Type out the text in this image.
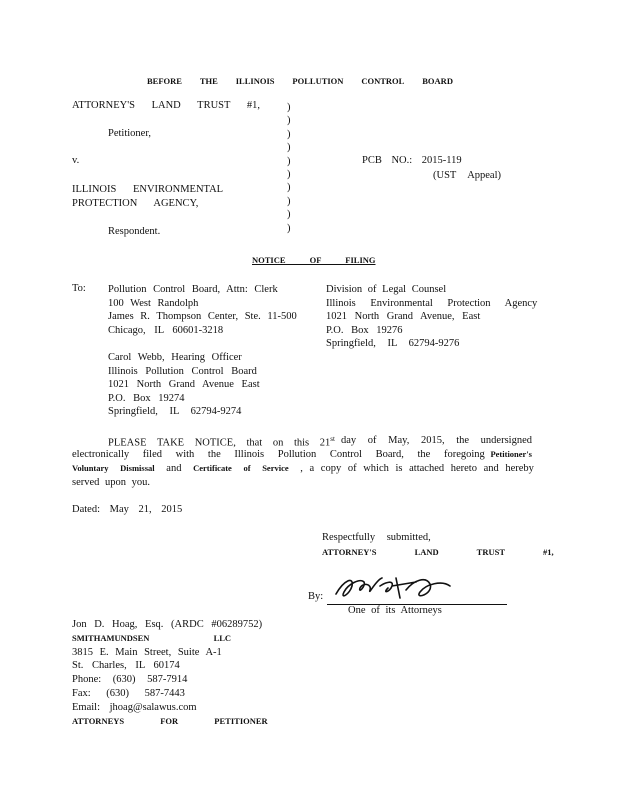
BEFORE THE ILLINOIS POLLUTION CONTROL BOARD
ATTORNEY'S LAND TRUST #1,
Petitioner,
v.
ILLINOIS ENVIRONMENTAL
PROTECTION AGENCY,
Respondent.
)
)
)
)
)
)
)
)
)
)
PCB NO.: 2015-119
(UST Appeal)
NOTICE OF FILING
To: Pollution Control Board, Attn: Clerk
100 West Randolph
James R. Thompson Center, Ste. 11-500
Chicago, IL 60601-3218
Division of Legal Counsel
Illinois Environmental Protection Agency
1021 North Grand Avenue, East
P.O. Box 19276
Springfield, IL 62794-9276
Carol Webb, Hearing Officer
Illinois Pollution Control Board
1021 North Grand Avenue East
P.O. Box 19274
Springfield, IL 62794-9274
PLEASE TAKE NOTICE, that on this 21st day of May, 2015, the undersigned
electronically filed with the Illinois Pollution Control Board, the foregoing Petitioner's
Voluntary Dismissal and Certificate of Service , a copy of which is attached hereto and hereby
served upon you.
Dated: May 21, 2015
Respectfully submitted,
ATTORNEY'S LAND TRUST #1,
By:
One of its Attorneys
Jon D. Hoag, Esq. (ARDC #06289752)
SMITHAMUNDSEN LLC
3815 E. Main Street, Suite A-1
St. Charles, IL 60174
Phone: (630) 587-7914
Fax: (630) 587-7443
Email: jhoag@salawus.com
ATTORNEYS FOR PETITIONER
